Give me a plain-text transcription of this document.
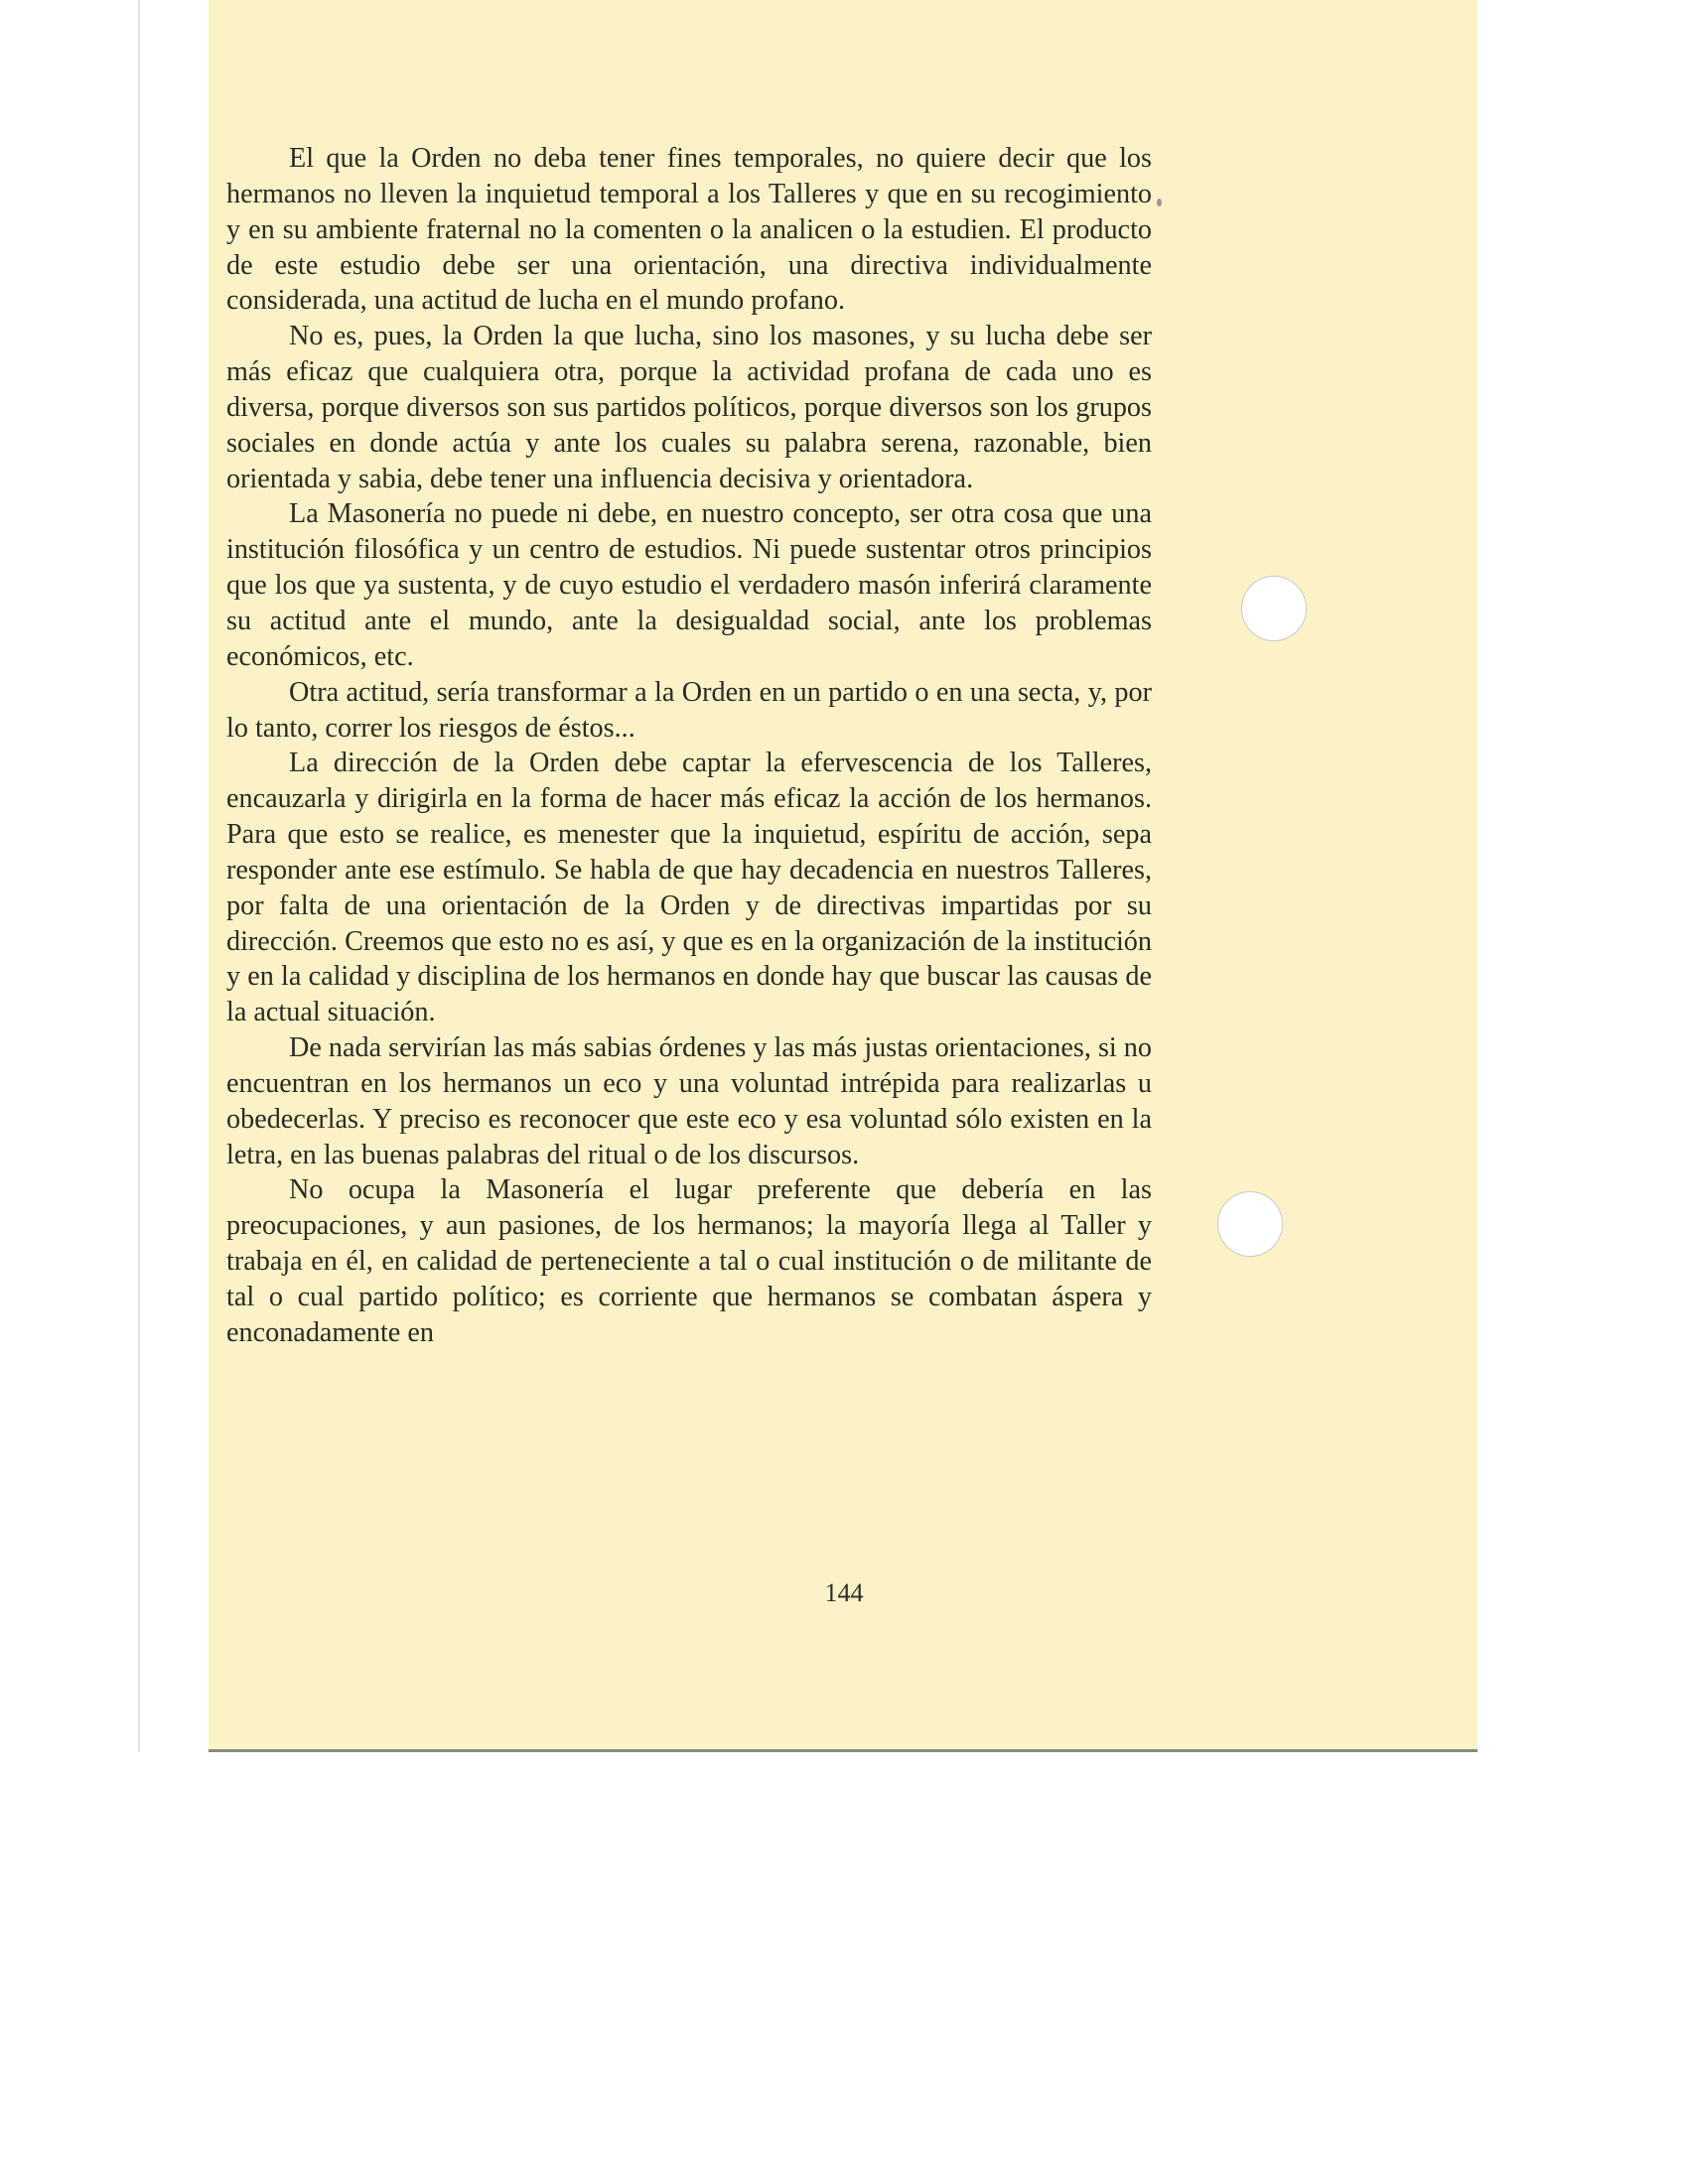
El que la Orden no deba tener fines temporales, no quiere decir que los hermanos no lleven la inquietud temporal a los Talleres y que en su recogimiento y en su ambiente fraternal no la comenten o la analicen o la estudien. El producto de este estudio debe ser una orientación, una directiva individualmente considerada, una actitud de lucha en el mundo profano.

No es, pues, la Orden la que lucha, sino los masones, y su lucha debe ser más eficaz que cualquiera otra, porque la actividad profana de cada uno es diversa, porque diversos son sus partidos políticos, porque diversos son los grupos sociales en donde actúa y ante los cuales su palabra serena, razonable, bien orientada y sabia, debe tener una influencia decisiva y orientadora.

La Masonería no puede ni debe, en nuestro concepto, ser otra cosa que una institución filosófica y un centro de estudios. Ni puede sustentar otros principios que los que ya sustenta, y de cuyo estudio el verdadero masón inferirá claramente su actitud ante el mundo, ante la desigualdad social, ante los problemas económicos, etc.

Otra actitud, sería transformar a la Orden en un partido o en una secta, y, por lo tanto, correr los riesgos de éstos...

La dirección de la Orden debe captar la efervescencia de los Talleres, encauzarla y dirigirla en la forma de hacer más eficaz la acción de los hermanos. Para que esto se realice, es menester que la inquietud, espíritu de acción, sepa responder ante ese estímulo. Se habla de que hay decadencia en nuestros Talleres, por falta de una orientación de la Orden y de directivas impartidas por su dirección. Creemos que esto no es así, y que es en la organización de la institución y en la calidad y disciplina de los hermanos en donde hay que buscar las causas de la actual situación.

De nada servirían las más sabias órdenes y las más justas orientaciones, si no encuentran en los hermanos un eco y una voluntad intrépida para realizarlas u obedecerlas. Y preciso es reconocer que este eco y esa voluntad sólo existen en la letra, en las buenas palabras del ritual o de los discursos.

No ocupa la Masonería el lugar preferente que debería en las preocupaciones, y aun pasiones, de los hermanos; la mayoría llega al Taller y trabaja en él, en calidad de perteneciente a tal o cual institución o de militante de tal o cual partido político; es corriente que hermanos se combatan áspera y enconadamente en

144
